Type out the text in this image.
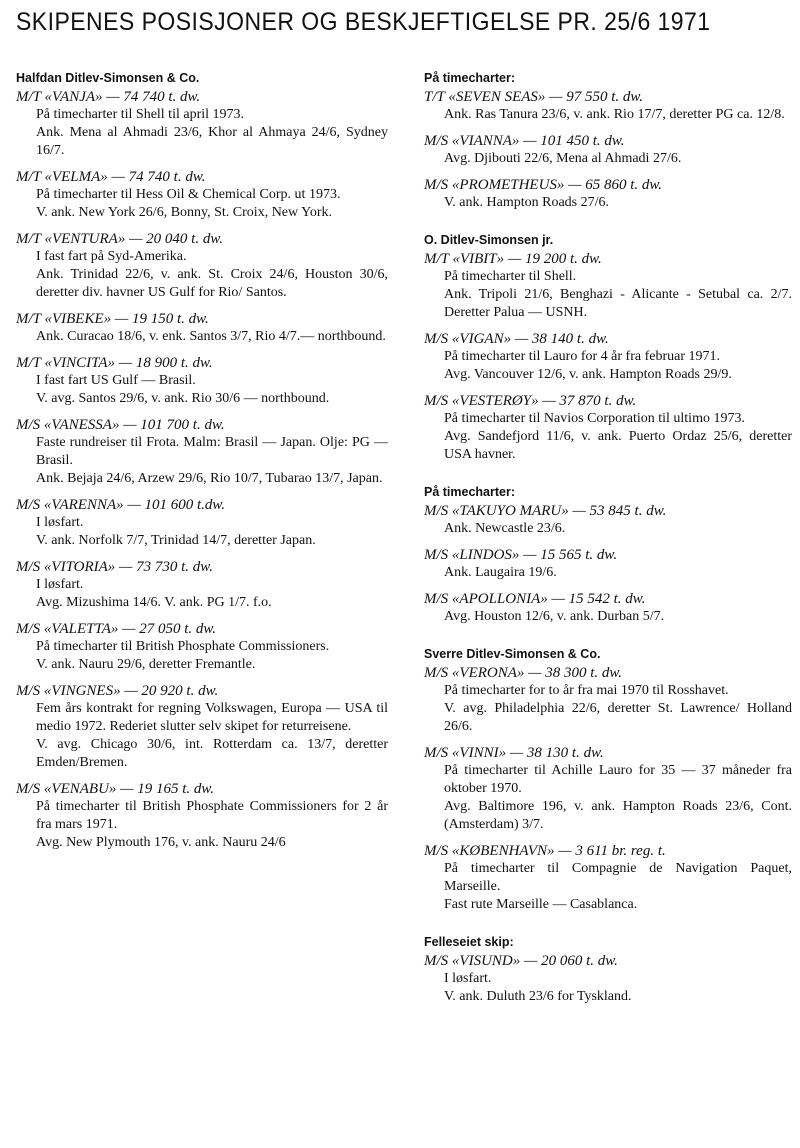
SKIPENES POSISJONER OG BESKJEFTIGELSE PR. 25/6 1971
Halfdan Ditlev-Simonsen & Co.
M/T «VANJA» — 74 740 t. dw.
På timecharter til Shell til april 1973.
Ank. Mena al Ahmadi 23/6, Khor al Ahmaya 24/6, Sydney 16/7.
M/T «VELMA» — 74 740 t. dw.
På timecharter til Hess Oil & Chemical Corp. ut 1973.
V. ank. New York 26/6, Bonny, St. Croix, New York.
M/T «VENTURA» — 20 040 t. dw.
I fast fart på Syd-Amerika.
Ank. Trinidad 22/6, v. ank. St. Croix 24/6, Houston 30/6, deretter div. havner US Gulf for Rio/ Santos.
M/T «VIBEKE» — 19 150 t. dw.
Ank. Curacao 18/6, v. enk. Santos 3/7, Rio 4/7.— northbound.
M/T «VINCITA» — 18 900 t. dw.
I fast fart US Gulf — Brasil.
V. avg. Santos 29/6, v. ank. Rio 30/6 — northbound.
M/S «VANESSA» — 101 700 t. dw.
Faste rundreiser til Frota. Malm: Brasil — Japan. Olje: PG — Brasil.
Ank. Bejaja 24/6, Arzew 29/6, Rio 10/7, Tubarao 13/7, Japan.
M/S «VARENNA» — 101 600 t.dw.
I løsfart.
V. ank. Norfolk 7/7, Trinidad 14/7, deretter Japan.
M/S «VITORIA» — 73 730 t. dw.
I løsfart.
Avg. Mizushima 14/6. V. ank. PG 1/7. f.o.
M/S «VALETTA» — 27 050 t. dw.
På timecharter til British Phosphate Commissioners.
V. ank. Nauru 29/6, deretter Fremantle.
M/S «VINGNES» — 20 920 t. dw.
Fem års kontrakt for regning Volkswagen, Europa — USA til medio 1972. Rederiet slutter selv skipet for returreisene.
V. avg. Chicago 30/6, int. Rotterdam ca. 13/7, deretter Emden/Bremen.
M/S «VENABU» — 19 165 t. dw.
På timecharter til British Phosphate Commissioners for 2 år fra mars 1971.
Avg. New Plymouth 176, v. ank. Nauru 24/6
På timecharter:
T/T «SEVEN SEAS» — 97 550 t. dw.
Ank. Ras Tanura 23/6, v. ank. Rio 17/7, deretter PG ca. 12/8.
M/S «VIANNA» — 101 450 t. dw.
Avg. Djibouti 22/6, Mena al Ahmadi 27/6.
M/S «PROMETHEUS» — 65 860 t. dw.
V. ank. Hampton Roads 27/6.
O. Ditlev-Simonsen jr.
M/T «VIBIT» — 19 200 t. dw.
På timecharter til Shell.
Ank. Tripoli 21/6, Benghazi - Alicante - Setubal ca. 2/7. Deretter Palua — USNH.
M/S «VIGAN» — 38 140 t. dw.
På timecharter til Lauro for 4 år fra februar 1971.
Avg. Vancouver 12/6, v. ank. Hampton Roads 29/9.
M/S «VESTERØY» — 37 870 t. dw.
På timecharter til Navios Corporation til ultimo 1973.
Avg. Sandefjord 11/6, v. ank. Puerto Ordaz 25/6, deretter USA havner.
På timecharter:
M/S «TAKUYO MARU» — 53 845 t. dw.
Ank. Newcastle 23/6.
M/S «LINDOS» — 15 565 t. dw.
Ank. Laugaira 19/6.
M/S «APOLLONIA» — 15 542 t. dw.
Avg. Houston 12/6, v. ank. Durban 5/7.
Sverre Ditlev-Simonsen & Co.
M/S «VERONA» — 38 300 t. dw.
På timecharter for to år fra mai 1970 til Rosshavet.
V. avg. Philadelphia 22/6, deretter St. Lawrence/ Holland 26/6.
M/S «VINNI» — 38 130 t. dw.
På timecharter til Achille Lauro for 35 — 37 måneder fra oktober 1970.
Avg. Baltimore 196, v. ank. Hampton Roads 23/6, Cont. (Amsterdam) 3/7.
M/S «KØBENHAVN» — 3 611 br. reg. t.
På timecharter til Compagnie de Navigation Paquet, Marseille.
Fast rute Marseille — Casablanca.
Felleseiet skip:
M/S «VISUND» — 20 060 t. dw.
I løsfart.
V. ank. Duluth 23/6 for Tyskland.
